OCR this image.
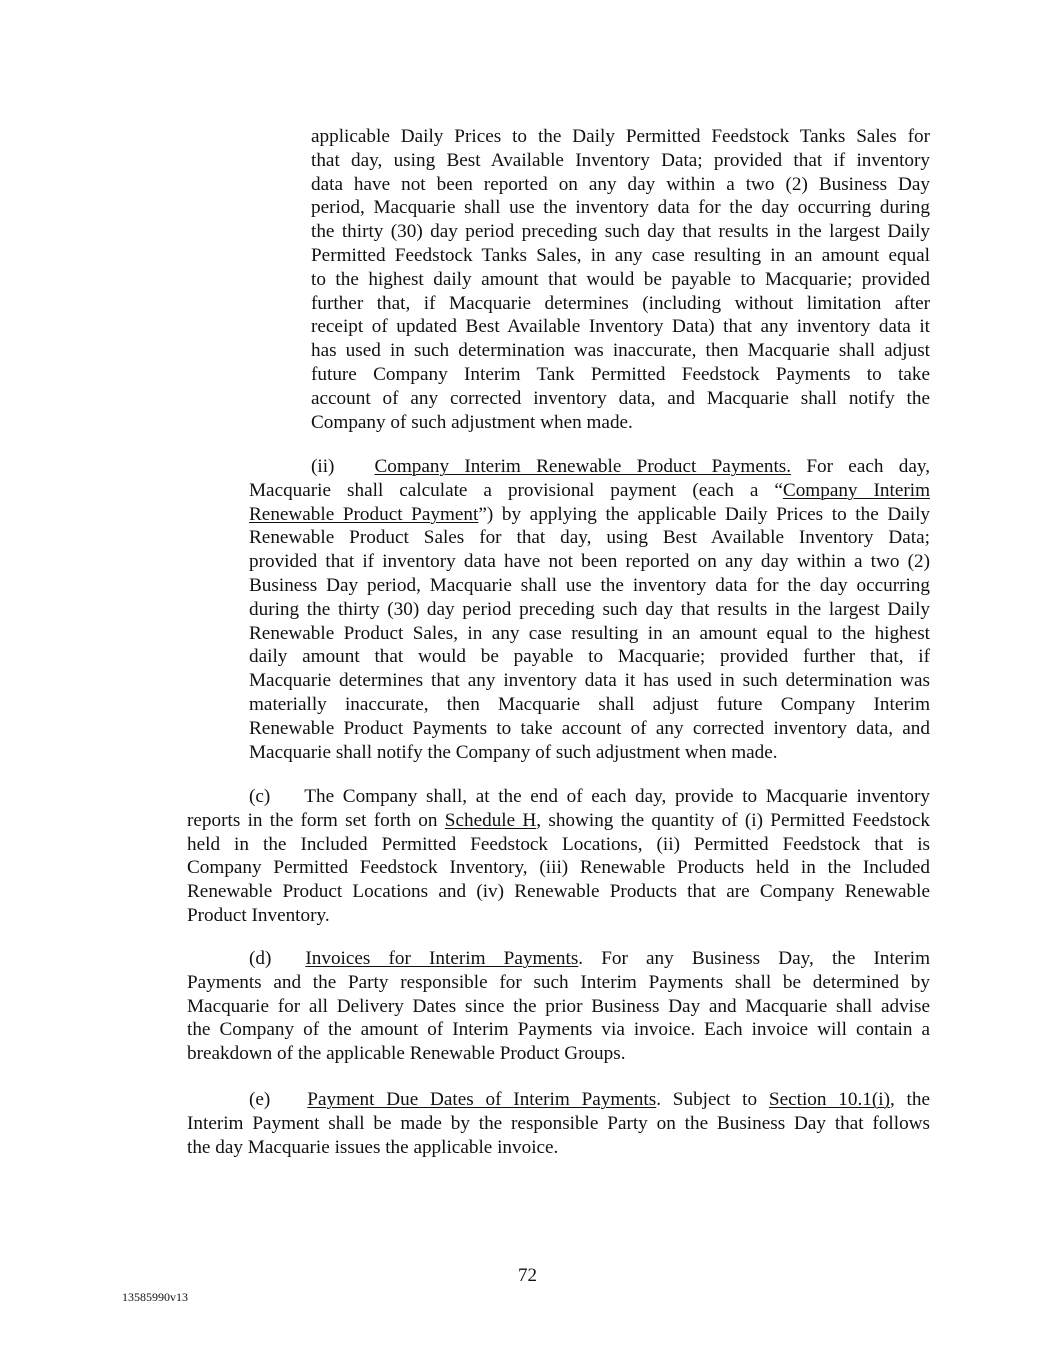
applicable Daily Prices to the Daily Permitted Feedstock Tanks Sales for
that day, using Best Available Inventory Data; provided that if inventory
data have not been reported on any day within a two (2) Business Day
period, Macquarie shall use the inventory data for the day occurring during
the thirty (30) day period preceding such day that results in the largest Daily
Permitted Feedstock Tanks Sales, in any case resulting in an amount equal
to the highest daily amount that would be payable to Macquarie; provided
further that, if Macquarie determines (including without limitation after
receipt of updated Best Available Inventory Data) that any inventory data it
has used in such determination was inaccurate, then Macquarie shall adjust
future Company Interim Tank Permitted Feedstock Payments to take
account of any corrected inventory data, and Macquarie shall notify the
Company of such adjustment when made.
(ii) Company Interim Renewable Product Payments. For each day,
Macquarie shall calculate a provisional payment (each a “Company Interim
Renewable Product Payment”) by applying the applicable Daily Prices to the Daily
Renewable Product Sales for that day, using Best Available Inventory Data;
provided that if inventory data have not been reported on any day within a two (2)
Business Day period, Macquarie shall use the inventory data for the day occurring
during the thirty (30) day period preceding such day that results in the largest Daily
Renewable Product Sales, in any case resulting in an amount equal to the highest
daily amount that would be payable to Macquarie; provided further that, if
Macquarie determines that any inventory data it has used in such determination was
materially inaccurate, then Macquarie shall adjust future Company Interim
Renewable Product Payments to take account of any corrected inventory data, and
Macquarie shall notify the Company of such adjustment when made.
(c) The Company shall, at the end of each day, provide to Macquarie inventory
reports in the form set forth on Schedule H, showing the quantity of (i) Permitted Feedstock
held in the Included Permitted Feedstock Locations, (ii) Permitted Feedstock that is
Company Permitted Feedstock Inventory, (iii) Renewable Products held in the Included
Renewable Product Locations and (iv) Renewable Products that are Company Renewable
Product Inventory.
(d) Invoices for Interim Payments. For any Business Day, the Interim
Payments and the Party responsible for such Interim Payments shall be determined by
Macquarie for all Delivery Dates since the prior Business Day and Macquarie shall advise
the Company of the amount of Interim Payments via invoice. Each invoice will contain a
breakdown of the applicable Renewable Product Groups.
(e) Payment Due Dates of Interim Payments. Subject to Section 10.1(i), the
Interim Payment shall be made by the responsible Party on the Business Day that follows
the day Macquarie issues the applicable invoice.
72
13585990v13
